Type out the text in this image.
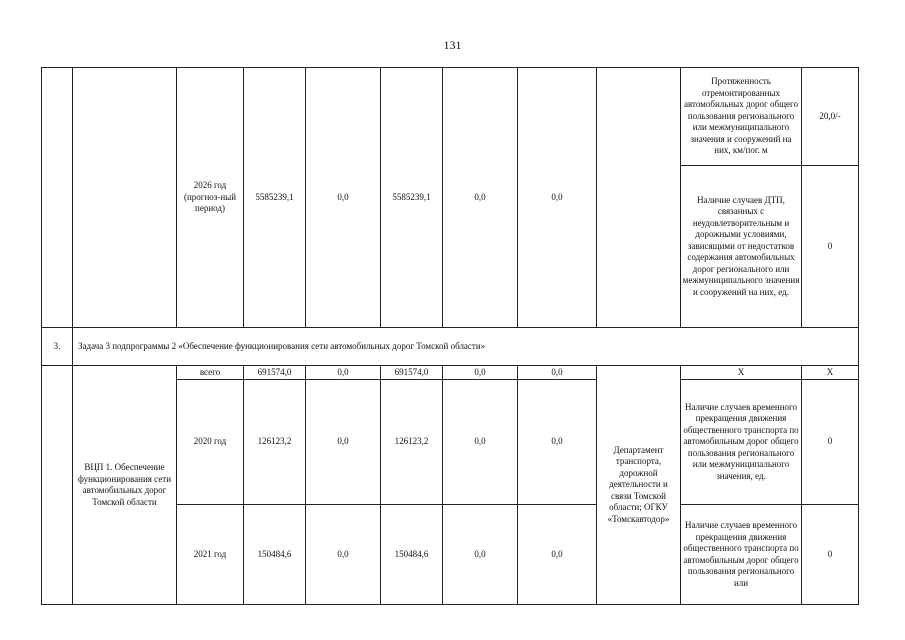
131
		2026 год (прогноз-ный период)	5585239,1	0,0	5585239,1	0,0	0,0		Протяженность отремонтированных автомобильных дорог общего пользования регионального или межмуниципального значения и сооружений на них, км/пог. м	20,0/-
									Наличие случаев ДТП, связанных с неудовлетворительным и дорожными условиями, зависящими от недостатков содержания автомобильных дорог регионального или межмуниципального значения и сооружений на них, ед.	0
3.	Задача 3 подпрограммы 2 «Обеспечение функционирования сети автомобильных дорог Томской области»									
	ВЦП 1. Обеспечение функционирования сети автомобильных дорог Томской области	всего	691574,0	0,0	691574,0	0,0	0,0	Департамент транспорта, дорожной деятельности и связи Томской области; ОГКУ «Томскавтодор»	Х	Х
		2020 год	126123,2	0,0	126123,2	0,0	0,0		Наличие случаев временного прекращения движения общественного транспорта по автомобильным дорог общего пользования регионального или межмуниципального значения, ед.	0
		2021 год	150484,6	0,0	150484,6	0,0	0,0		Наличие случаев временного прекращения движения общественного транспорта по автомобильным дорог общего пользования регионального или	0
